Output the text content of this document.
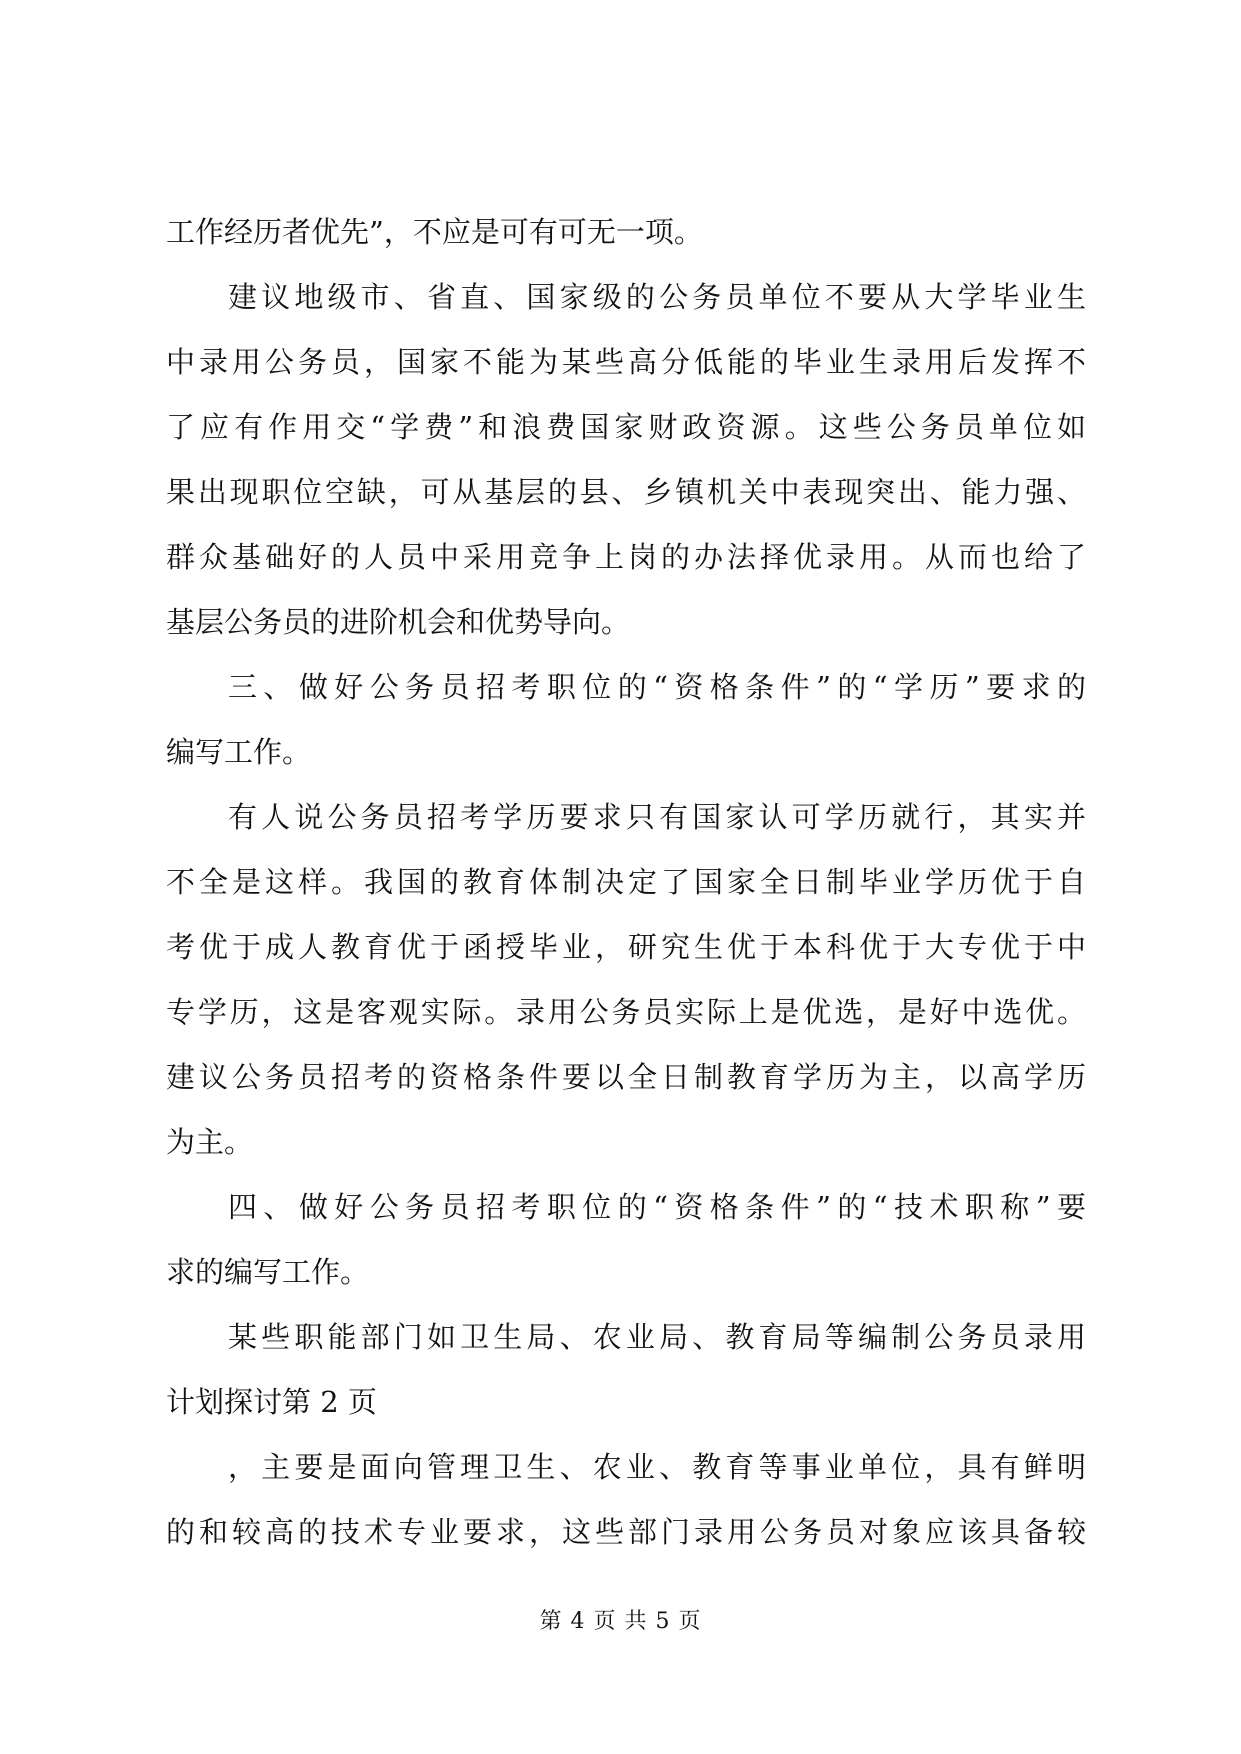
工作经历者优先”，不应是可有可无一项。
建议地级市、省直、国家级的公务员单位不要从大学毕业生
中录用公务员，国家不能为某些高分低能的毕业生录用后发挥不
了应有作用交“学费”和浪费国家财政资源。这些公务员单位如
果出现职位空缺，可从基层的县、乡镇机关中表现突出、能力强、
群众基础好的人员中采用竞争上岗的办法择优录用。从而也给了
基层公务员的进阶机会和优势导向。
三、做好公务员招考职位的“资格条件”的“学历”要求的
编写工作。
有人说公务员招考学历要求只有国家认可学历就行，其实并
不全是这样。我国的教育体制决定了国家全日制毕业学历优于自
考优于成人教育优于函授毕业，研究生优于本科优于大专优于中
专学历，这是客观实际。录用公务员实际上是优选，是好中选优。
建议公务员招考的资格条件要以全日制教育学历为主，以高学历
为主。
四、做好公务员招考职位的“资格条件”的“技术职称”要
求的编写工作。
某些职能部门如卫生局、农业局、教育局等编制公务员录用
计划探讨第 2 页
，主要是面向管理卫生、农业、教育等事业单位，具有鲜明
的和较高的技术专业要求，这些部门录用公务员对象应该具备较
第 4 页 共 5 页
